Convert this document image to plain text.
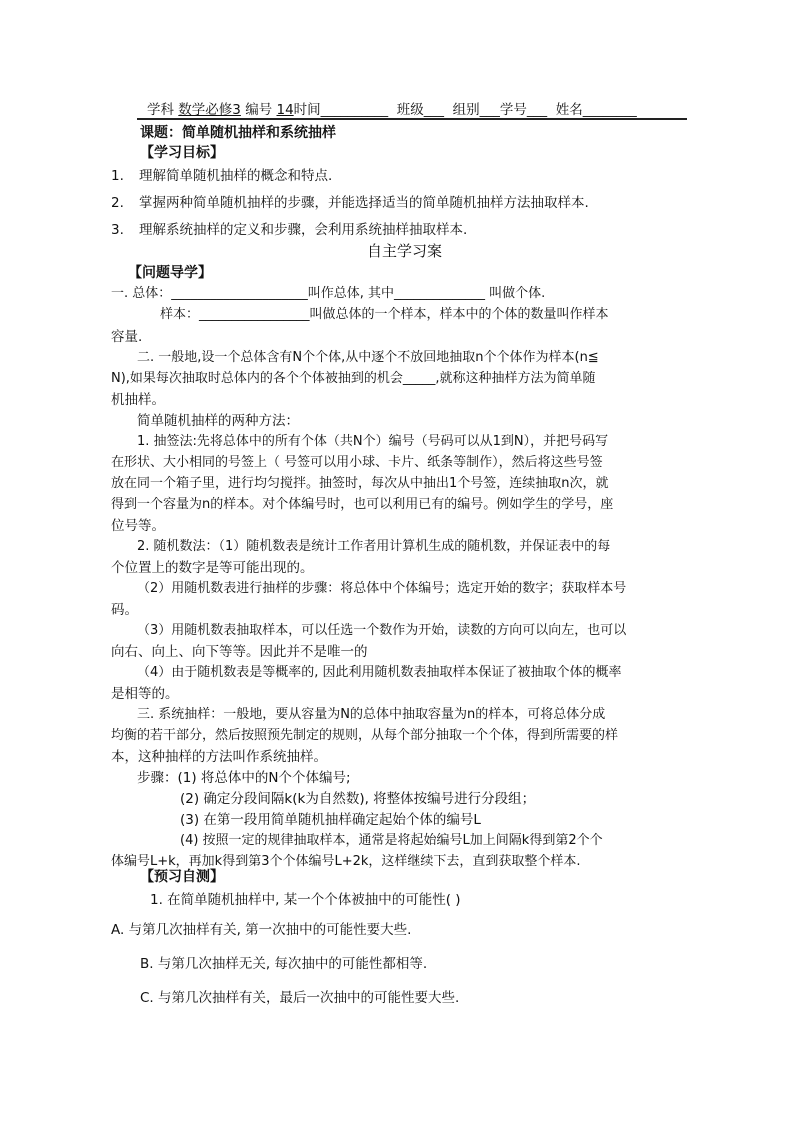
学科 数学必修3 编号 14时间__________ 班级___ 组别___学号___ 姓名________
课题：简单随机抽样和系统抽样
【学习目标】
1. 理解简单随机抽样的概念和特点.
2. 掌握两种简单随机抽样的步骤，并能选择适当的简单随机抽样方法抽取样本.
3. 理解系统抽样的定义和步骤，会利用系统抽样抽取样本.
自主学习案
【问题导学】
一. 总体：_____________________叫作总体, 其中______________ 叫做个体.
样本：_________________叫做总体的一个样本，样本中的个体的数量叫作样本
容量.
二. 一般地,设一个总体含有N个个体,从中逐个不放回地抽取n个个体作为样本(n≦
N),如果每次抽取时总体内的各个个体被抽到的机会_____,就称这种抽样方法为简单随
机抽样。
简单随机抽样的两种方法：
1. 抽签法:先将总体中的所有个体（共N个）编号（号码可以从1到N），并把号码写
在形状、大小相同的号签上（ 号签可以用小球、卡片、纸条等制作），然后将这些号签
放在同一个箱子里，进行均匀搅拌。抽签时，每次从中抽出1个号签，连续抽取n次，就
得到一个容量为n的样本。对个体编号时，也可以利用已有的编号。例如学生的学号，座
位号等。
2. 随机数法：（1）随机数表是统计工作者用计算机生成的随机数，并保证表中的每
个位置上的数字是等可能出现的。
（2）用随机数表进行抽样的步骤：将总体中个体编号；选定开始的数字；获取样本号
码。
（3）用随机数表抽取样本，可以任选一个数作为开始，读数的方向可以向左，也可以
向右、向上、向下等等。因此并不是唯一的
（4）由于随机数表是等概率的, 因此利用随机数表抽取样本保证了被抽取个体的概率
是相等的。
三. 系统抽样：一般地，要从容量为N的总体中抽取容量为n的样本，可将总体分成
均衡的若干部分，然后按照预先制定的规则，从每个部分抽取一个个体，得到所需要的样
本，这种抽样的方法叫作系统抽样。
步骤：(1) 将总体中的N个个体编号;
(2) 确定分段间隔k(k为自然数), 将整体按编号进行分段组；
(3) 在第一段用简单随机抽样确定起始个体的编号L
(4) 按照一定的规律抽取样本，通常是将起始编号L加上间隔k得到第2个个
体编号L+k，再加k得到第3个个体编号L+2k，这样继续下去，直到获取整个样本.
【预习自测】
1. 在简单随机抽样中, 某一个个体被抽中的可能性( )
A. 与第几次抽样有关, 第一次抽中的可能性要大些.
B. 与第几次抽样无关, 每次抽中的可能性都相等.
C. 与第几次抽样有关，最后一次抽中的可能性要大些.
